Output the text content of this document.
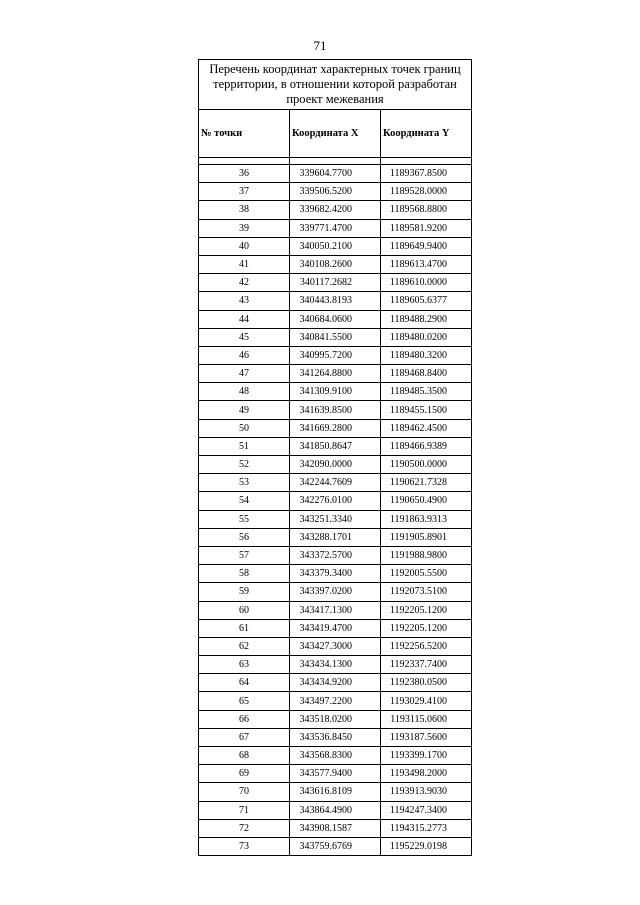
71
Перечень координат характерных точек границ территории, в отношении которой разработан проект межевания		
№ точки	Координата X	Координата Y

36	339604.7700	1189367.8500
37	339506.5200	1189528.0000
38	339682.4200	1189568.8800
39	339771.4700	1189581.9200
40	340050.2100	1189649.9400
41	340108.2600	1189613.4700
42	340117.2682	1189610.0000
43	340443.8193	1189605.6377
44	340684.0600	1189488.2900
45	340841.5500	1189480.0200
46	340995.7200	1189480.3200
47	341264.8800	1189468.8400
48	341309.9100	1189485.3500
49	341639.8500	1189455.1500
50	341669.2800	1189462.4500
51	341850.8647	1189466.9389
52	342090.0000	1190500.0000
53	342244.7609	1190621.7328
54	342276.0100	1190650.4900
55	343251.3340	1191863.9313
56	343288.1701	1191905.8901
57	343372.5700	1191988.9800
58	343379.3400	1192005.5500
59	343397.0200	1192073.5100
60	343417.1300	1192205.1200
61	343419.4700	1192205.1200
62	343427.3000	1192256.5200
63	343434.1300	1192337.7400
64	343434.9200	1192380.0500
65	343497.2200	1193029.4100
66	343518.0200	1193115.0600
67	343536.8450	1193187.5600
68	343568.8300	1193399.1700
69	343577.9400	1193498.2000
70	343616.8109	1193913.9030
71	343864.4900	1194247.3400
72	343908.1587	1194315.2773
73	343759.6769	1195229.0198
